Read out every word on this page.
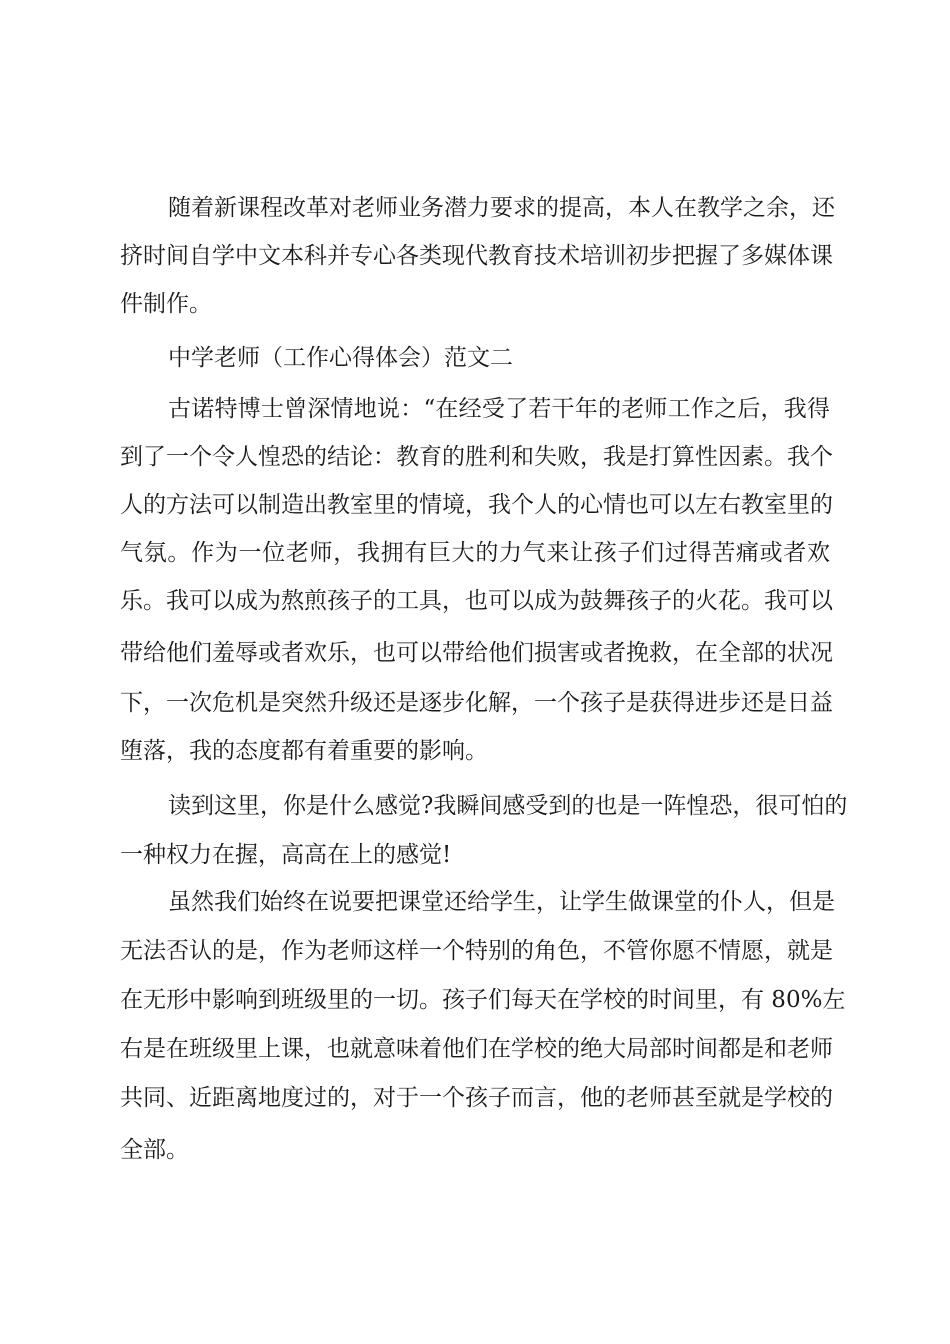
随着新课程改革对老师业务潜力要求的提高，本人在教学之余，还
挤时间自学中文本科并专心各类现代教育技术培训初步把握了多媒体课
件制作。
中学老师（工作心得体会）范文二
古诺特博士曾深情地说：“在经受了若干年的老师工作之后，我得
到了一个令人惶恐的结论：教育的胜利和失败，我是打算性因素。我个
人的方法可以制造出教室里的情境，我个人的心情也可以左右教室里的
气氛。作为一位老师，我拥有巨大的力气来让孩子们过得苦痛或者欢
乐。我可以成为熬煎孩子的工具，也可以成为鼓舞孩子的火花。我可以
带给他们羞辱或者欢乐，也可以带给他们损害或者挽救，在全部的状况
下，一次危机是突然升级还是逐步化解，一个孩子是获得进步还是日益
堕落，我的态度都有着重要的影响。
读到这里，你是什么感觉?我瞬间感受到的也是一阵惶恐，很可怕的
一种权力在握，高高在上的感觉!
虽然我们始终在说要把课堂还给学生，让学生做课堂的仆人，但是
无法否认的是，作为老师这样一个特别的角色，不管你愿不情愿，就是
在无形中影响到班级里的一切。孩子们每天在学校的时间里，有 80%左
右是在班级里上课，也就意味着他们在学校的绝大局部时间都是和老师
共同、近距离地度过的，对于一个孩子而言，他的老师甚至就是学校的
全部。
